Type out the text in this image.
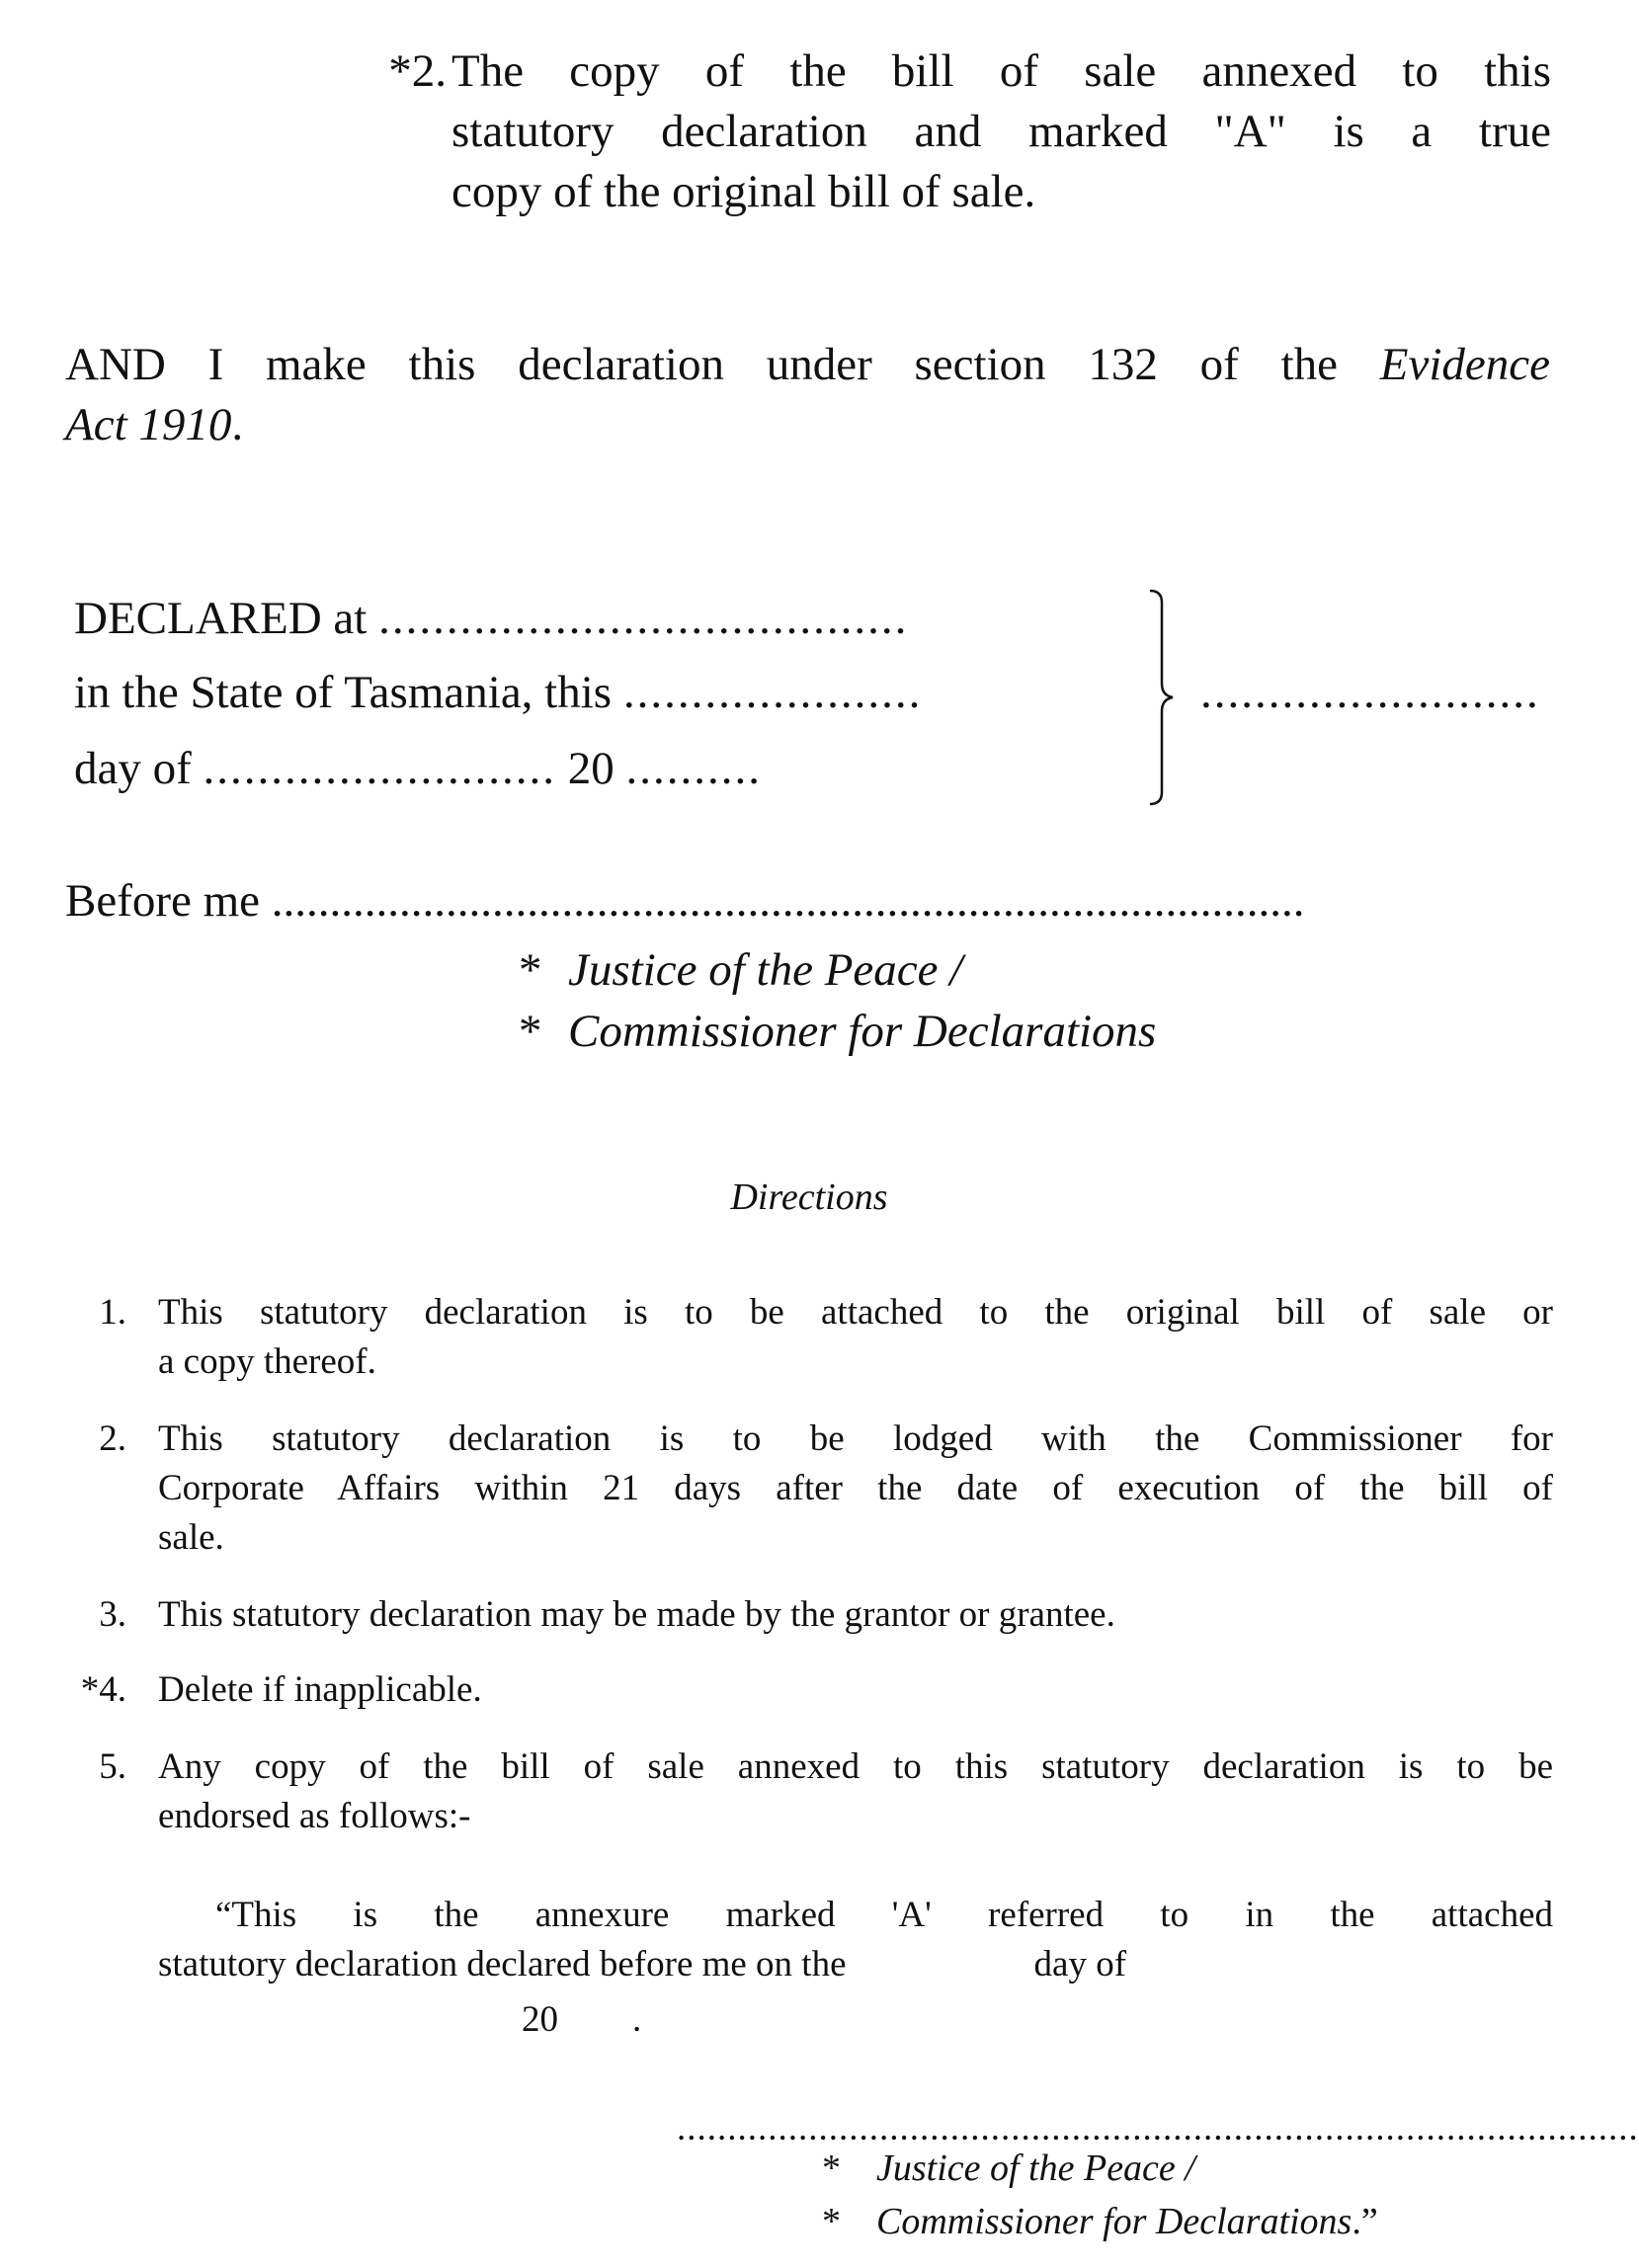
*2. The copy of the bill of sale annexed to this
statutory declaration and marked "A" is a true
copy of the original bill of sale.
AND I make this declaration under section 132 of the Evidence
Act 1910.
DECLARED at .......................................
in the State of Tasmania, this ......................
day of .......................... 20 ..........
.........................
Before me .........................................................................................
* Justice of the Peace /
* Commissioner for Declarations
Directions
1. This statutory declaration is to be attached to the original bill of sale or
a copy thereof.
2. This statutory declaration is to be lodged with the Commissioner for
Corporate Affairs within 21 days after the date of execution of the bill of
sale.
3. This statutory declaration may be made by the grantor or grantee.
*4. Delete if inapplicable.
5. Any copy of the bill of sale annexed to this statutory declaration is to be
endorsed as follows:-
“This is the annexure marked 'A' referred to in the attached
statutory declaration declared before me on the	day of
20 .
...............................................................................................
* Justice of the Peace /
* Commissioner for Declarations.”
